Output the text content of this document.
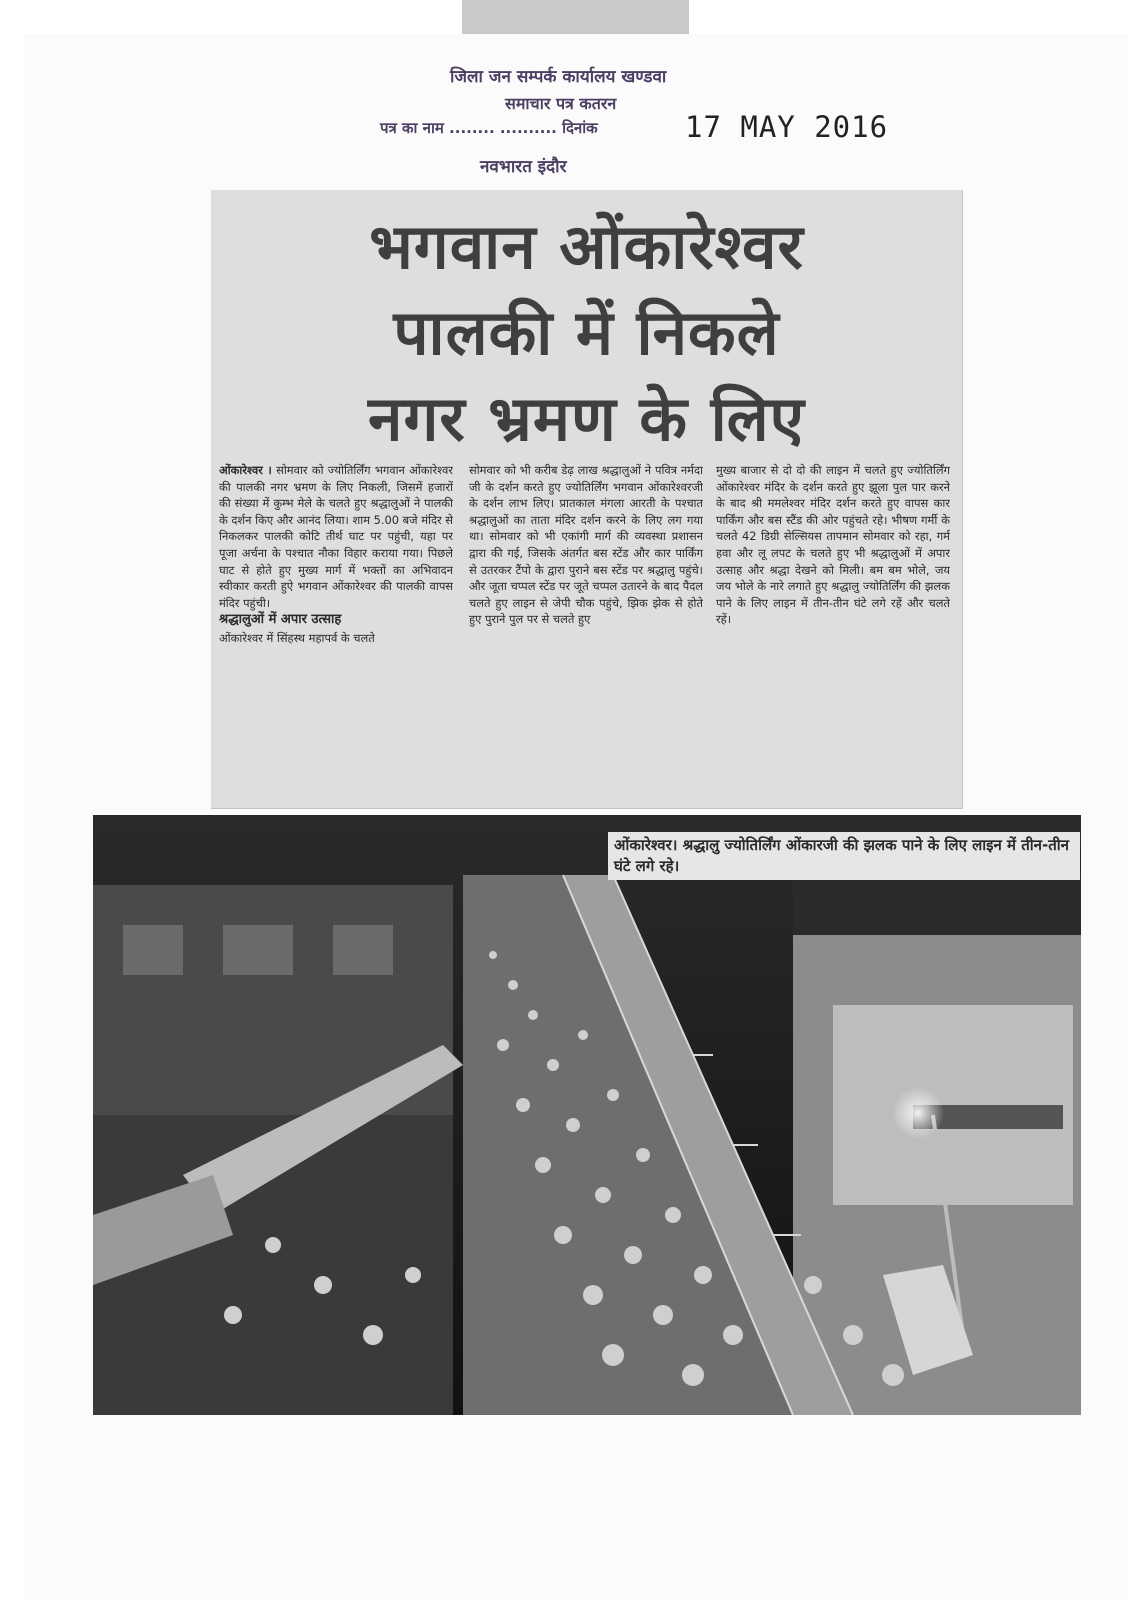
जिला जन सम्पर्क कार्यालय खण्डवा
समाचार पत्र कतरन
पत्र का नाम ........ .......... दिनांक
नवभारत इंदौर
17 MAY 2016
भगवान ओंकारेश्वर
पालकी में निकले
नगर भ्रमण के लिए

ओंकारेश्वर । सोमवार को ज्योतिर्लिंग भगवान ओंकारेश्वर की पालकी नगर भ्रमण के लिए निकली, जिसमें हजारों की संख्या में कुम्भ मेले के चलते हुए श्रद्धालुओं ने पालकी के दर्शन किए और आनंद लिया। शाम 5.00 बजे मंदिर से निकलकर पालकी कोटि तीर्थ घाट पर पहुंची, यहा पर पूजा अर्चना के पश्चात नौका विहार कराया गया। पिछले घाट से होते हुए मुख्य मार्ग में भक्तों का अभिवादन स्वीकार करती हुऐ भगवान ओंकारेश्वर की पालकी वापस मंदिर पहुंची।

श्रद्धालुओं में अपार उत्साह

ओंकारेश्वर में सिंहस्थ महापर्व के चलते

सोमवार को भी करीब डेढ़ लाख श्रद्धालुओं ने पवित्र नर्मदा जी के दर्शन करते हुए ज्योतिर्लिंग भगवान ओंकारेश्वरजी के दर्शन लाभ लिए। प्रातकाल मंगला आरती के पश्चात श्रद्धालुओं का ताता मंदिर दर्शन करने के लिए लग गया था। सोमवार को भी एकांगी मार्ग की व्यवस्था प्रशासन द्वारा की गई, जिसके अंतर्गत बस स्टेंड और कार पार्किंग से उतरकर टैंपो के द्वारा पुराने बस स्टेंड पर श्रद्धालु पहुंचे। और जूता चप्पल स्टेंड पर जूते चप्पल उतारने के बाद पैदल चलते हुए लाइन से जेपी चौक पहुंचे, झिक झेक से होते हुए पुराने पुल पर से चलते हुए

मुख्य बाजार से दो दो की लाइन में चलते हुए ज्योतिर्लिंग ओंकारेश्वर मंदिर के दर्शन करते हुए झूला पुल पार करने के बाद श्री ममलेश्वर मंदिर दर्शन करते हुए वापस कार पार्किंग और बस स्टैंड की ओर पहुंचते रहे। भीषण गर्मी के चलते 42 डिग्री सेल्सियस तापमान सोमवार को रहा, गर्म हवा और लू लपट के चलते हुए भी श्रद्धालुओं में अपार उत्साह और श्रद्धा देखने को मिली। बम बम भोले, जय जय भोले के नारे लगाते हुए श्रद्धालु ज्योतिर्लिंग की झलक पाने के लिए लाइन में तीन-तीन घंटे लगे रहें और चलते रहें।

ओंकारेश्वर। श्रद्धालु ज्योतिर्लिंग ओंकारजी की झलक पाने के लिए लाइन में तीन-तीन घंटे लगे रहे।
